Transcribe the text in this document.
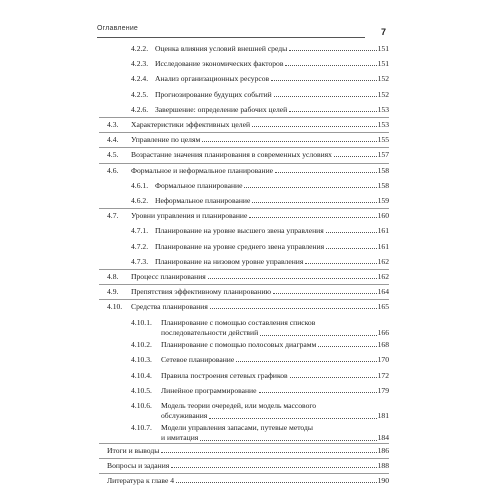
Оглавление	7
4.2.2. Оценка влияния условий внешней среды	151
4.2.3. Исследование экономических факторов	151
4.2.4. Анализ организационных ресурсов	152
4.2.5. Прогнозирование будущих событий	152
4.2.6. Завершение: определение рабочих целей	153
4.3.	Характеристики эффективных целей	153
4.4.	Управление по целям	155
4.5.	Возрастание значения планирования в современных условиях	157
4.6.	Формальное и неформальное планирование	158
4.6.1. Формальное планирование	158
4.6.2. Неформальное планирование	159
4.7.	Уровни управления и планирование	160
4.7.1. Планирование на уровне высшего звена управления	161
4.7.2. Планирование на уровне среднего звена управления	161
4.7.3. Планирование на низовом уровне управления	162
4.8.	Процесс планирования	162
4.9.	Препятствия эффективному планированию	164
4.10.	Средства планирования	165
4.10.1.	Планирование с помощью составления списков
последовательности действий	166
4.10.2.	Планирование с помощью полосовых диаграмм	168
4.10.3.	Сетевое планирование	170
4.10.4.	Правила построения сетевых графиков	172
4.10.5.	Линейное программирование	179
4.10.6.	Модель теории очередей, или модель массового
обслуживания	181
4.10.7.	Модели управления запасами, путевые методы
и имитация	184
Итоги и выводы	186
Вопросы и задания	188
Литература к главе 4	190
